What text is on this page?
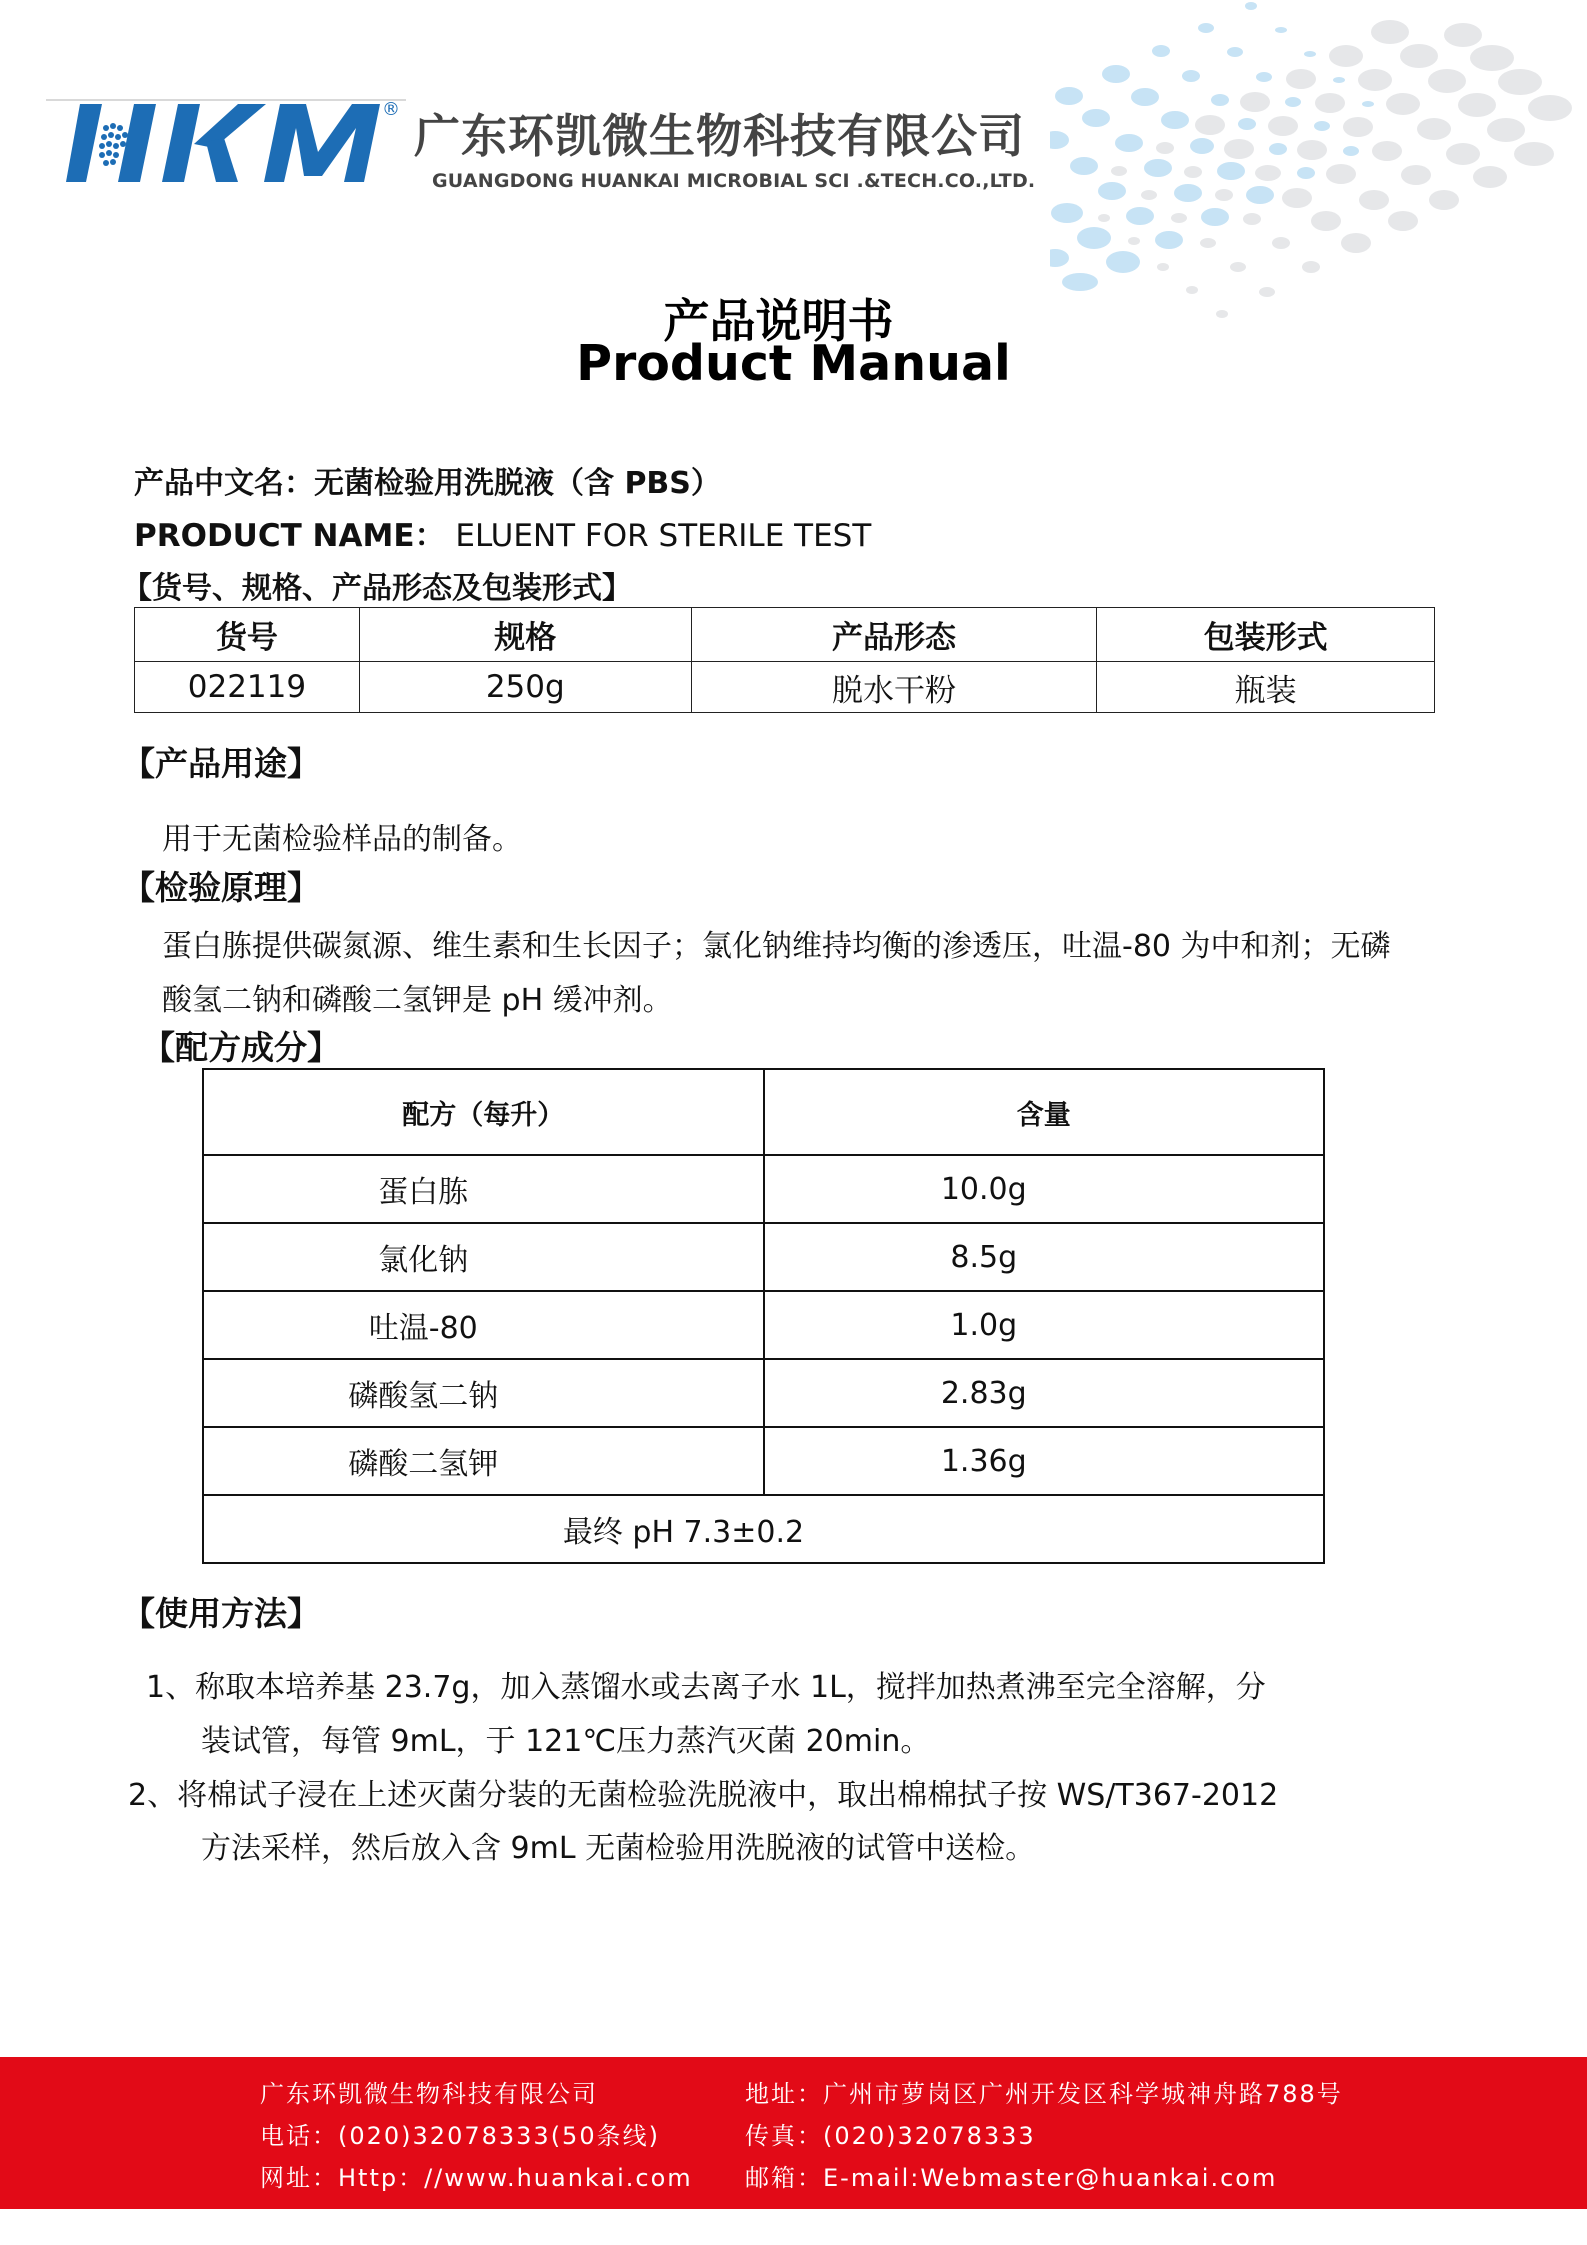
® 广东环凯微生物科技有限公司
GUANGDONG HUANKAI MICROBIAL SCI .&TECH.CO.,LTD.
产品说明书
Product Manual
产品中文名：无菌检验用洗脱液（含 PBS）
PRODUCT NAME： ELUENT FOR STERILE TEST
【货号、规格、产品形态及包装形式】
货号	规格	产品形态	包装形式
022119	250g	脱水干粉	瓶装
【产品用途】
用于无菌检验样品的制备。
【检验原理】
蛋白胨提供碳氮源、维生素和生长因子；氯化钠维持均衡的渗透压，吐温-80 为中和剂；无磷
酸氢二钠和磷酸二氢钾是 pH 缓冲剂。
【配方成分】
配方（每升）	含量
蛋白胨	10.0g
氯化钠	8.5g
吐温-80	1.0g
磷酸氢二钠	2.83g
磷酸二氢钾	1.36g
最终 pH 7.3±0.2	
【使用方法】
1、称取本培养基 23.7g，加入蒸馏水或去离子水 1L，搅拌加热煮沸至完全溶解，分
装试管，每管 9mL，于 121℃压力蒸汽灭菌 20min。
2、将棉试子浸在上述灭菌分装的无菌检验洗脱液中，取出棉棉拭子按 WS/T367-2012
方法采样，然后放入含 9mL 无菌检验用洗脱液的试管中送检。
广东环凯微生物科技有限公司	地址：广州市萝岗区广州开发区科学城神舟路788号
电话：(020)32078333(50条线)	传真：(020)32078333
网址：Http：//www.huankai.com 邮箱：E-mail:Webmaster@huankai.com
